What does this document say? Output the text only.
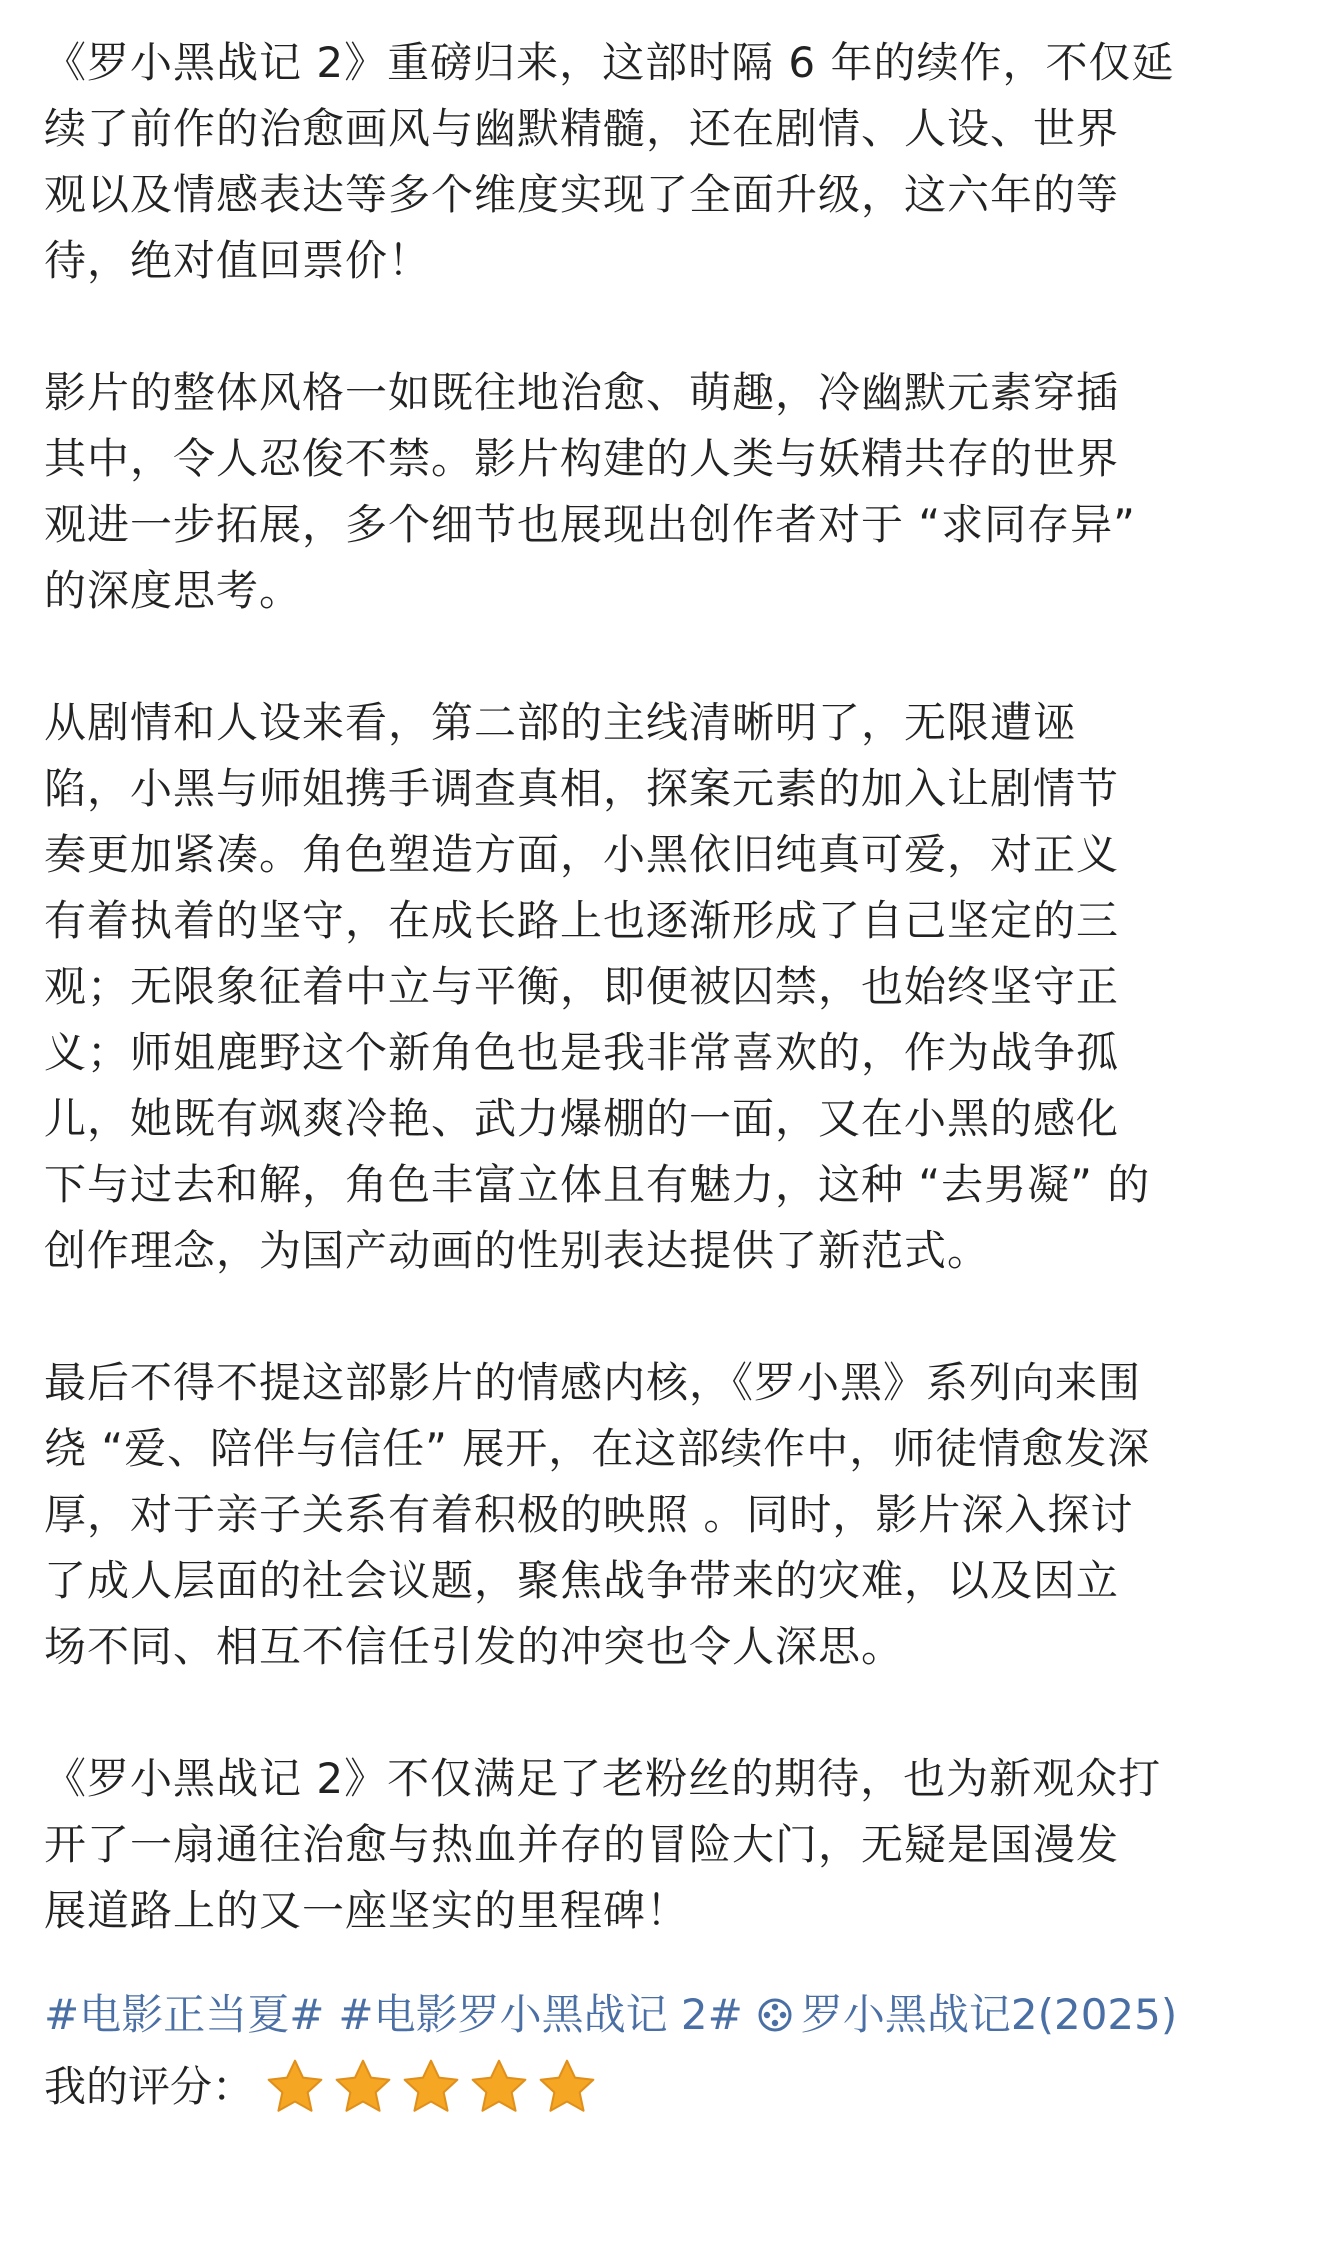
《罗小黑战记 2》重磅归来，这部时隔 6 年的续作，不仅延
续了前作的治愈画风与幽默精髓，还在剧情、人设、世界
观以及情感表达等多个维度实现了全面升级，这六年的等
待，绝对值回票价！

影片的整体风格一如既往地治愈、萌趣，冷幽默元素穿插
其中，令人忍俊不禁。影片构建的人类与妖精共存的世界
观进一步拓展，多个细节也展现出创作者对于 “求同存异”
的深度思考。

从剧情和人设来看，第二部的主线清晰明了，无限遭诬
陷，小黑与师姐携手调查真相，探案元素的加入让剧情节
奏更加紧凑。角色塑造方面，小黑依旧纯真可爱，对正义
有着执着的坚守，在成长路上也逐渐形成了自己坚定的三
观；无限象征着中立与平衡，即便被囚禁，也始终坚守正
义；师姐鹿野这个新角色也是我非常喜欢的，作为战争孤
儿，她既有飒爽冷艳、武力爆棚的一面，又在小黑的感化
下与过去和解，角色丰富立体且有魅力，这种 “去男凝” 的
创作理念，为国产动画的性别表达提供了新范式。

最后不得不提这部影片的情感内核，《罗小黑》系列向来围
绕 “爱、陪伴与信任” 展开，在这部续作中，师徒情愈发深
厚，对于亲子关系有着积极的映照 。同时，影片深入探讨
了成人层面的社会议题，聚焦战争带来的灾难，以及因立
场不同、相互不信任引发的冲突也令人深思。

《罗小黑战记 2》不仅满足了老粉丝的期待，也为新观众打
开了一扇通往治愈与热血并存的冒险大门，无疑是国漫发
展道路上的又一座坚实的里程碑！

#电影正当夏# #电影罗小黑战记 2# 罗小黑战记2(2025)
我的评分：
